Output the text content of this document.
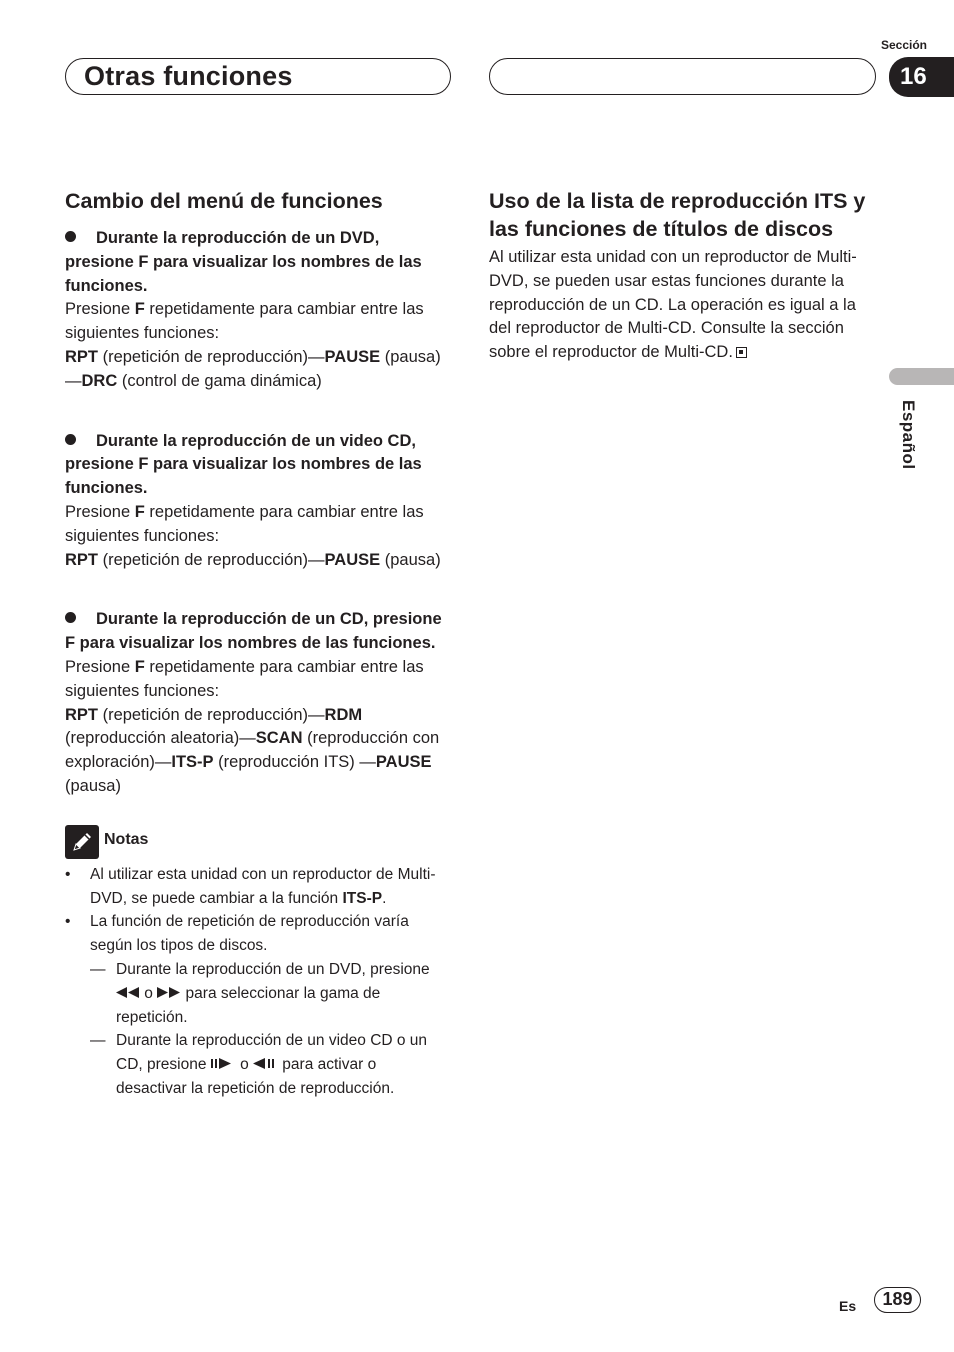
Otras funciones
Sección
16
Español
Cambio del menú de funciones
Durante la reproducción de un DVD, presione F para visualizar los nombres de las funciones.

Presione F repetidamente para cambiar entre las siguientes funciones:

RPT (repetición de reproducción)—PAUSE (pausa)—DRC (control de gama dinámica)

Durante la reproducción de un video CD, presione F para visualizar los nombres de las funciones.

Presione F repetidamente para cambiar entre las siguientes funciones:

RPT (repetición de reproducción)—PAUSE (pausa)

Durante la reproducción de un CD, presione F para visualizar los nombres de las funciones.

Presione F repetidamente para cambiar entre las siguientes funciones:

RPT (repetición de reproducción)—RDM (reproducción aleatoria)—SCAN (reproducción con exploración)—ITS-P (reproducción ITS) —PAUSE (pausa)

Notas
• Al utilizar esta unidad con un reproductor de Multi-DVD, se puede cambiar a la función ITS-P.
• La función de repetición de reproducción varía según los tipos de discos.
— Durante la reproducción de un DVD, presione  o  para seleccionar la gama de repetición.
— Durante la reproducción de un video CD o un CD, presione  o  para activar o desactivar la repetición de reproducción.
Uso de la lista de reproducción ITS y las funciones de títulos de discos

Al utilizar esta unidad con un reproductor de Multi-DVD, se pueden usar estas funciones durante la reproducción de un CD. La operación es igual a la del reproductor de Multi-CD. Consulte la sección sobre el reproductor de Multi-CD.

Es	189
